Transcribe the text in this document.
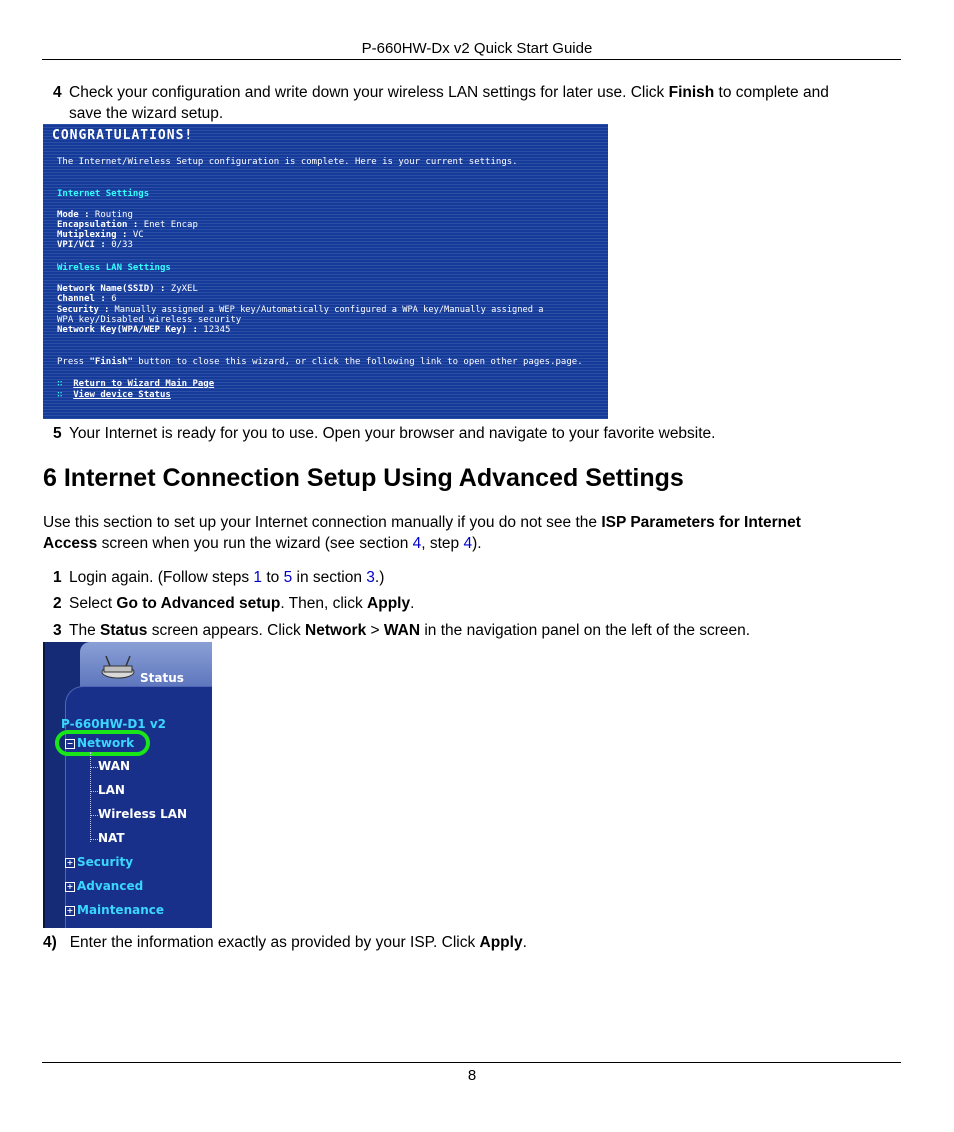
P-660HW-Dx v2 Quick Start Guide
4 Check your configuration and write down your wireless LAN settings for later use. Click Finish to complete and
save the wizard setup.
CONGRATULATIONS!
The Internet/Wireless Setup configuration is complete. Here is your current settings.
Internet Settings
Mode : Routing
Encapsulation : Enet Encap
Mutiplexing : VC
VPI/VCI : 0/33
Wireless LAN Settings
Network Name(SSID) : ZyXEL
Channel : 6
Security : Manually assigned a WEP key/Automatically configured a WPA key/Manually assigned a
WPA key/Disabled wireless security
Network Key(WPA/WEP Key) : 12345
Press "Finish" button to close this wizard, or click the following link to open other pages.page.
∷ Return to Wizard Main Page
∷ View device Status
5 Your Internet is ready for you to use. Open your browser and navigate to your favorite website.
6 Internet Connection Setup Using Advanced Settings
Use this section to set up your Internet connection manually if you do not see the ISP Parameters for Internet
Access screen when you run the wizard (see section 4, step 4).
1 Login again. (Follow steps 1 to 5 in section 3.)
2 Select Go to Advanced setup. Then, click Apply.
3 The Status screen appears. Click Network > WAN in the navigation panel on the left of the screen.
Status
P-660HW-D1 v2
− Network
WAN
LAN
Wireless LAN
NAT
+ Security
+ Advanced
+ Maintenance
4) Enter the information exactly as provided by your ISP. Click Apply.
8
